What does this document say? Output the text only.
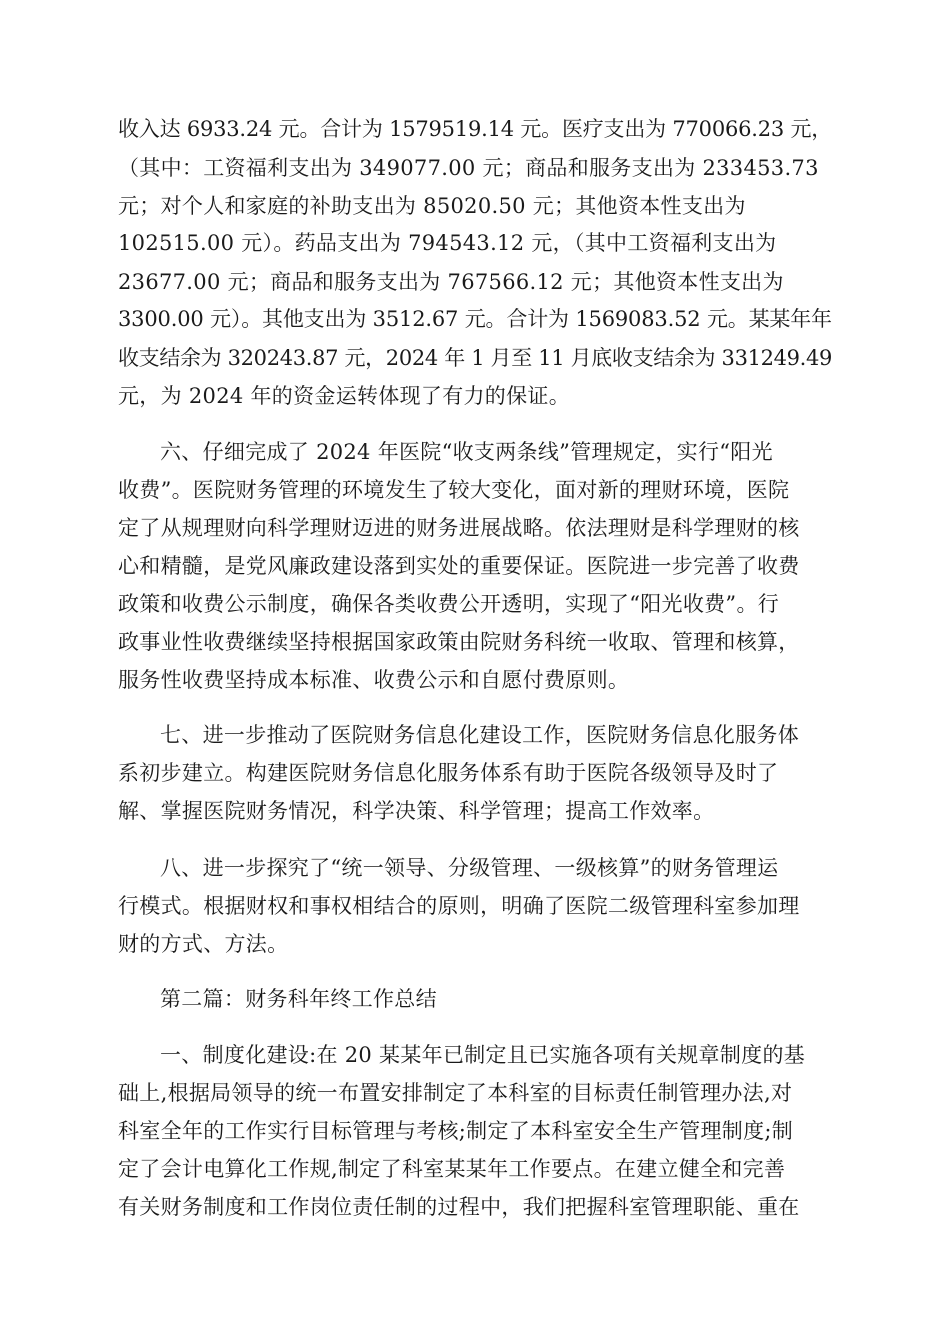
收入达 6933.24 元。合计为 1579519.14 元。医疗支出为 770066.23 元，
（其中：工资福利支出为 349077.00 元；商品和服务支出为 233453.73
元；对个人和家庭的补助支出为 85020.50 元；其他资本性支出为
102515.00 元）。药品支出为 794543.12 元，（其中工资福利支出为
23677.00 元；商品和服务支出为 767566.12 元；其他资本性支出为
3300.00 元）。其他支出为 3512.67 元。合计为 1569083.52 元。某某年年
收支结余为 320243.87 元，2024 年 1 月至 11 月底收支结余为 331249.49
元，为 2024 年的资金运转体现了有力的保证。
六、仔细完成了 2024 年医院“收支两条线”管理规定，实行“阳光
收费”。医院财务管理的环境发生了较大变化，面对新的理财环境，医院
定了从规理财向科学理财迈进的财务进展战略。依法理财是科学理财的核
心和精髓，是党风廉政建设落到实处的重要保证。医院进一步完善了收费
政策和收费公示制度，确保各类收费公开透明，实现了“阳光收费”。行
政事业性收费继续坚持根据国家政策由院财务科统一收取、管理和核算，
服务性收费坚持成本标准、收费公示和自愿付费原则。
七、进一步推动了医院财务信息化建设工作，医院财务信息化服务体
系初步建立。构建医院财务信息化服务体系有助于医院各级领导及时了
解、掌握医院财务情况，科学决策、科学管理；提高工作效率。
八、进一步探究了“统一领导、分级管理、一级核算”的财务管理运
行模式。根据财权和事权相结合的原则，明确了医院二级管理科室参加理
财的方式、方法。
第二篇：财务科年终工作总结
一、制度化建设:在 20 某某年已制定且已实施各项有关规章制度的基
础上,根据局领导的统一布置安排制定了本科室的目标责任制管理办法,对
科室全年的工作实行目标管理与考核;制定了本科室安全生产管理制度;制
定了会计电算化工作规,制定了科室某某年工作要点。在建立健全和完善
有关财务制度和工作岗位责任制的过程中，我们把握科室管理职能、重在
